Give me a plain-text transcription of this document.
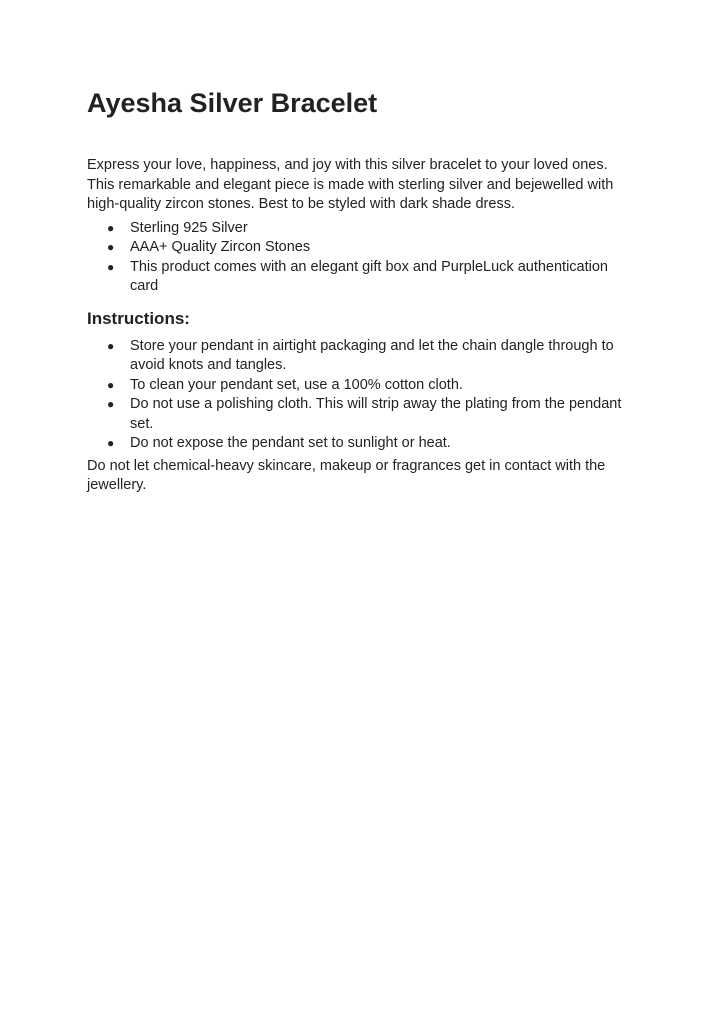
Ayesha Silver Bracelet

Express your love, happiness, and joy with this silver bracelet to your loved ones. This remarkable and elegant piece is made with sterling silver and bejewelled with high-quality zircon stones. Best to be styled with dark shade dress.

● Sterling 925 Silver
● AAA+ Quality Zircon Stones
● This product comes with an elegant gift box and PurpleLuck authentication card
Instructions:
● Store your pendant in airtight packaging and let the chain dangle through to avoid knots and tangles.
● To clean your pendant set, use a 100% cotton cloth.
● Do not use a polishing cloth. This will strip away the plating from the pendant set.
● Do not expose the pendant set to sunlight or heat.

Do not let chemical-heavy skincare, makeup or fragrances get in contact with the jewellery.
